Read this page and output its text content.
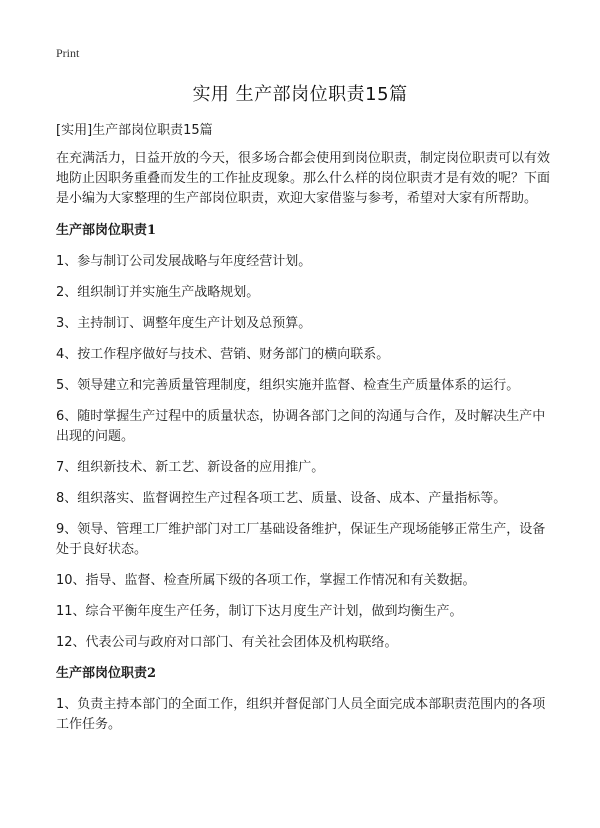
Print
实用 生产部岗位职责15篇
[实用]生产部岗位职责15篇
在充满活力，日益开放的今天，很多场合都会使用到岗位职责，制定岗位职责可以有效地防止因职务重叠而发生的工作扯皮现象。那么什么样的岗位职责才是有效的呢？下面是小编为大家整理的生产部岗位职责，欢迎大家借鉴与参考，希望对大家有所帮助。
生产部岗位职责1
1、参与制订公司发展战略与年度经营计划。
2、组织制订并实施生产战略规划。
3、主持制订、调整年度生产计划及总预算。
4、按工作程序做好与技术、营销、财务部门的横向联系。
5、领导建立和完善质量管理制度，组织实施并监督、检查生产质量体系的运行。
6、随时掌握生产过程中的质量状态，协调各部门之间的沟通与合作，及时解决生产中出现的问题。
7、组织新技术、新工艺、新设备的应用推广。
8、组织落实、监督调控生产过程各项工艺、质量、设备、成本、产量指标等。
9、领导、管理工厂维护部门对工厂基础设备维护，保证生产现场能够正常生产，设备处于良好状态。
10、指导、监督、检查所属下级的各项工作，掌握工作情况和有关数据。
11、综合平衡年度生产任务，制订下达月度生产计划，做到均衡生产。
12、代表公司与政府对口部门、有关社会团体及机构联络。
生产部岗位职责2
1、负责主持本部门的全面工作，组织并督促部门人员全面完成本部职责范围内的各项工作任务。
